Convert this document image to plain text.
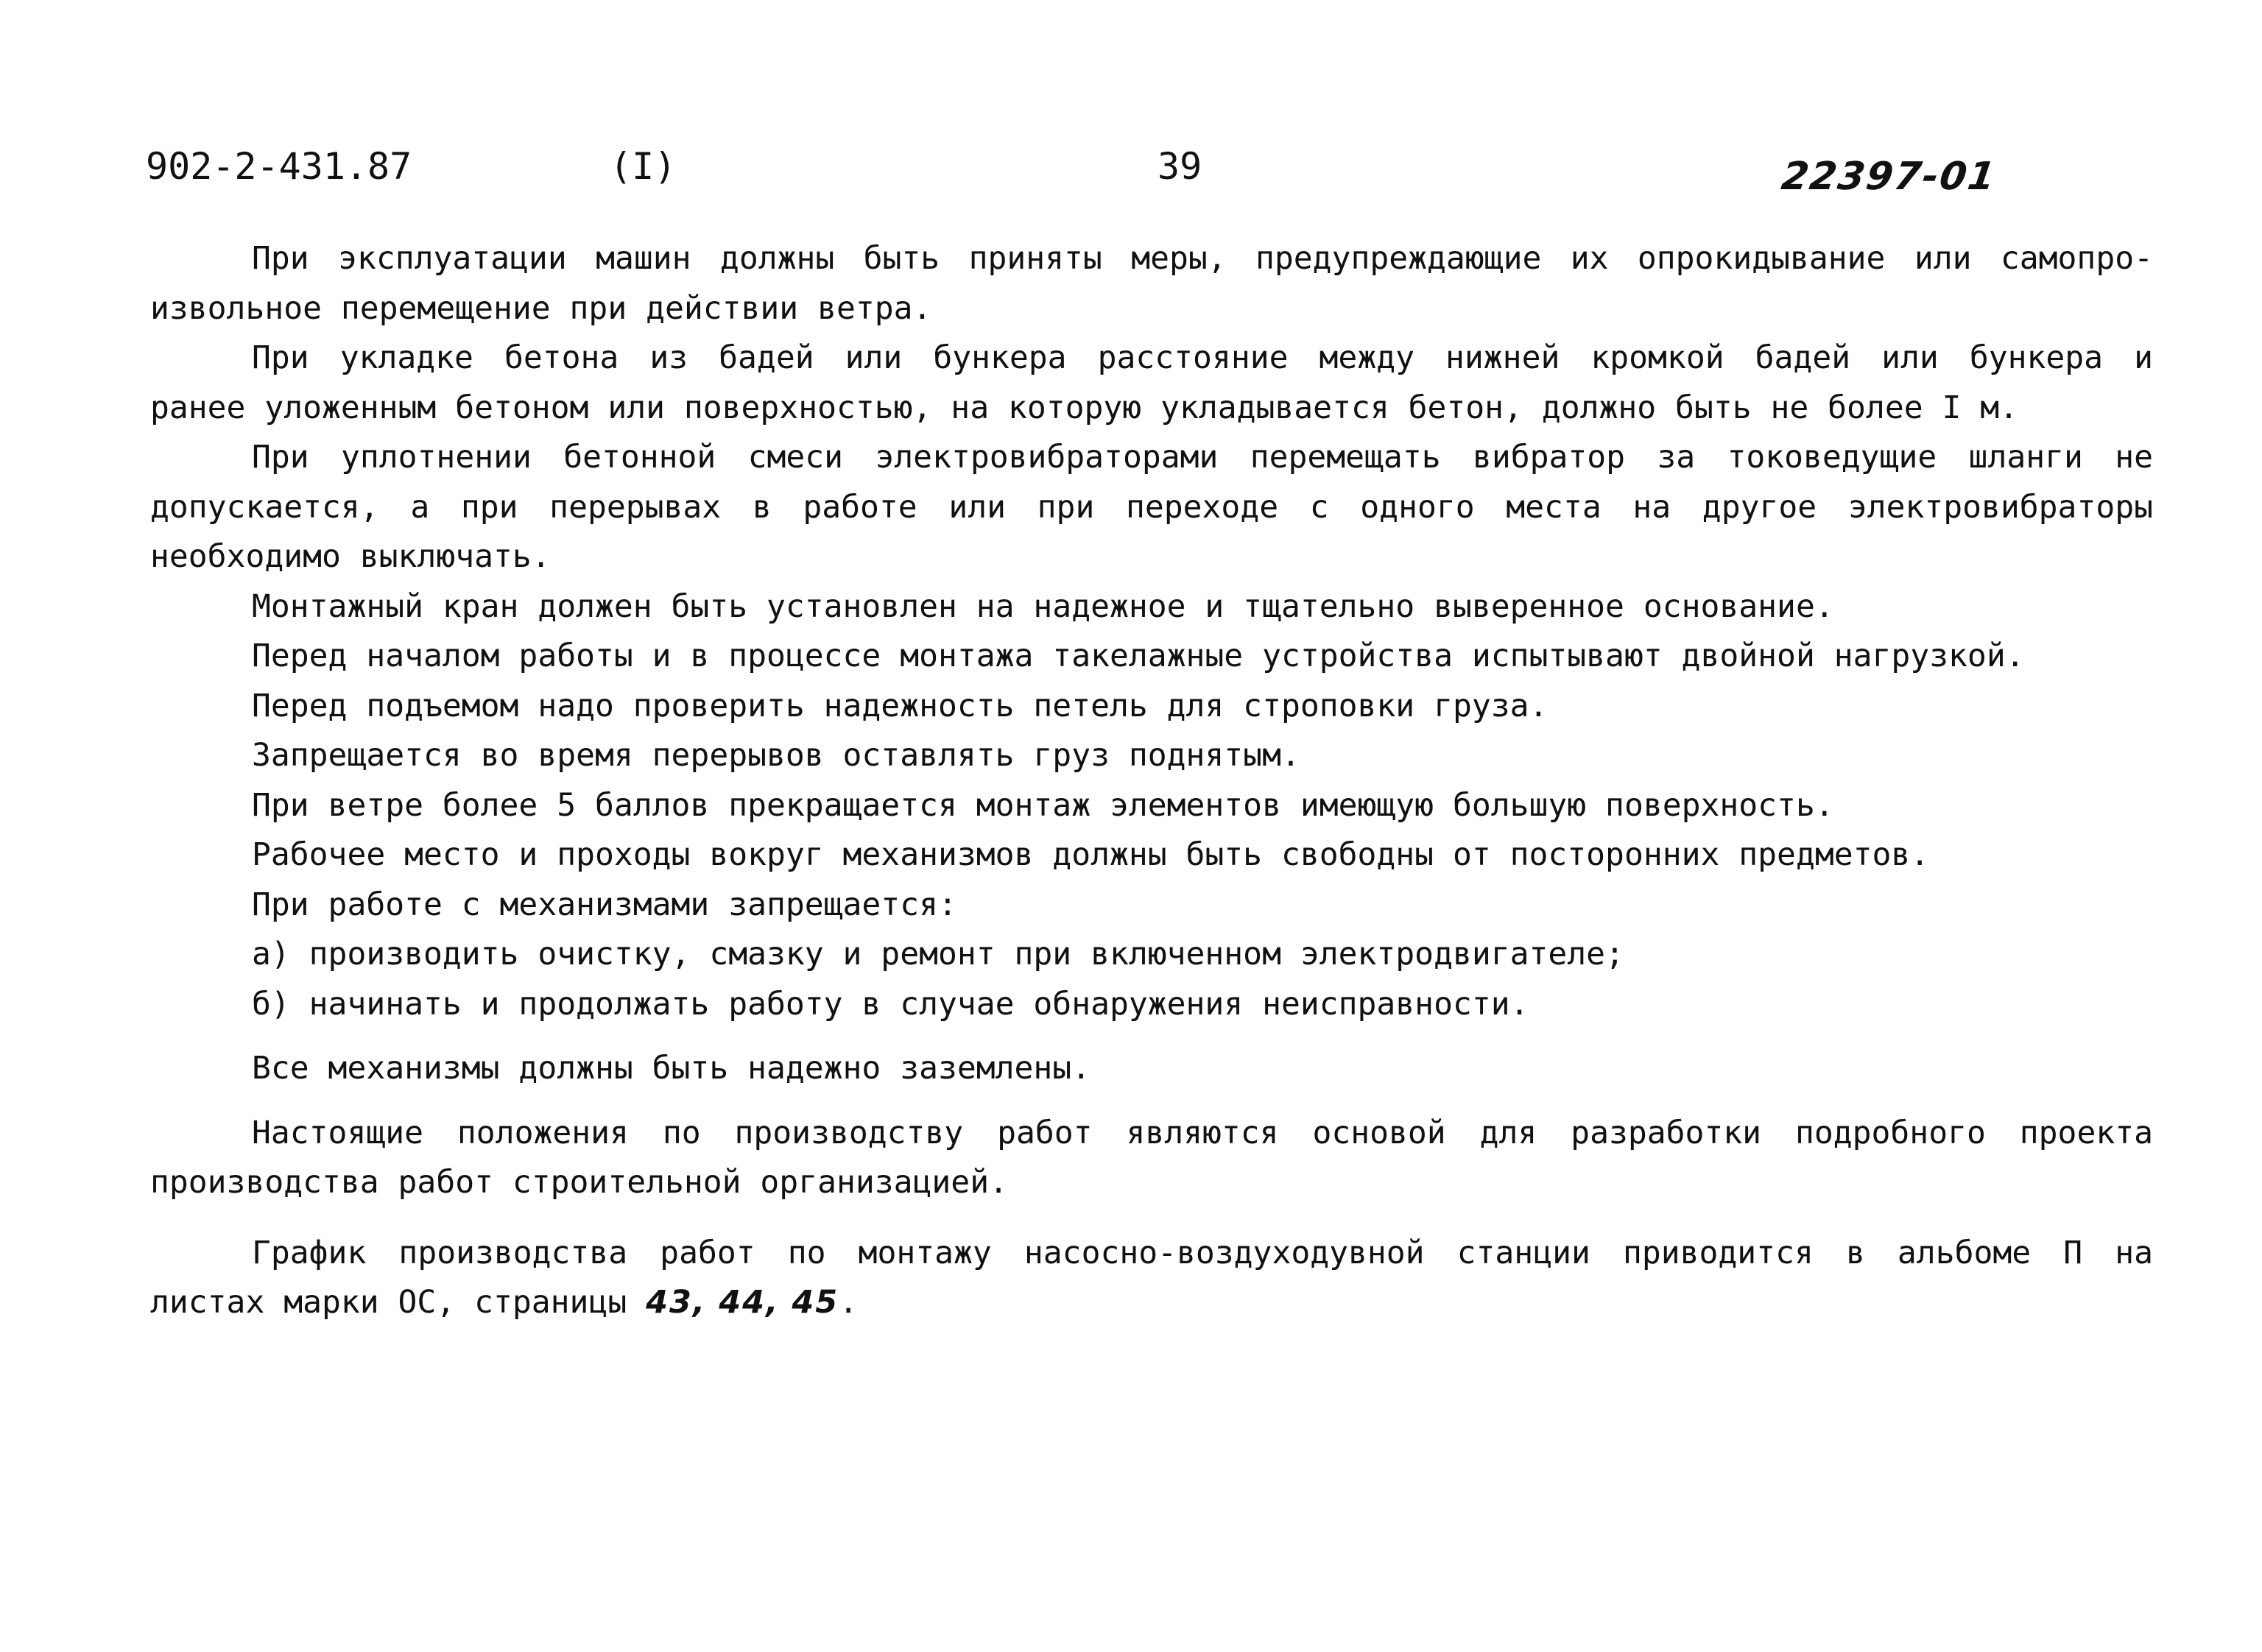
902-2-431.87	(I)	39	22397-01
При эксплуатации машин должны быть приняты меры, предупреждающие их опрокидывание или самопро-
извольное перемещение при действии ветра.
При укладке бетона из бадей или бункера расстояние между нижней кромкой бадей или бункера и
ранее уложенным бетоном или поверхностью, на которую укладывается бетон, должно быть не более I м.
При уплотнении бетонной смеси электровибраторами перемещать вибратор за токоведущие шланги не
допускается, а при перерывах в работе или при переходе с одного места на другое электровибраторы
необходимо выключать.
Монтажный кран должен быть установлен на надежное и тщательно выверенное основание.
Перед началом работы и в процессе монтажа такелажные устройства испытывают двойной нагрузкой.
Перед подъемом надо проверить надежность петель для строповки груза.
Запрещается во время перерывов оставлять груз поднятым.
При ветре более 5 баллов прекращается монтаж элементов имеющую большую поверхность.
Рабочее место и проходы вокруг механизмов должны быть свободны от посторонних предметов.
При работе с механизмами запрещается:
а) производить очистку, смазку и ремонт при включенном электродвигателе;
б) начинать и продолжать работу в случае обнаружения неисправности.
Все механизмы должны быть надежно заземлены.
Настоящие положения по производству работ являются основой для разработки подробного проекта
производства работ строительной организацией.
График производства работ по монтажу насосно-воздуходувной станции приводится в альбоме П на
листах марки ОС, страницы 43, 44, 45.
